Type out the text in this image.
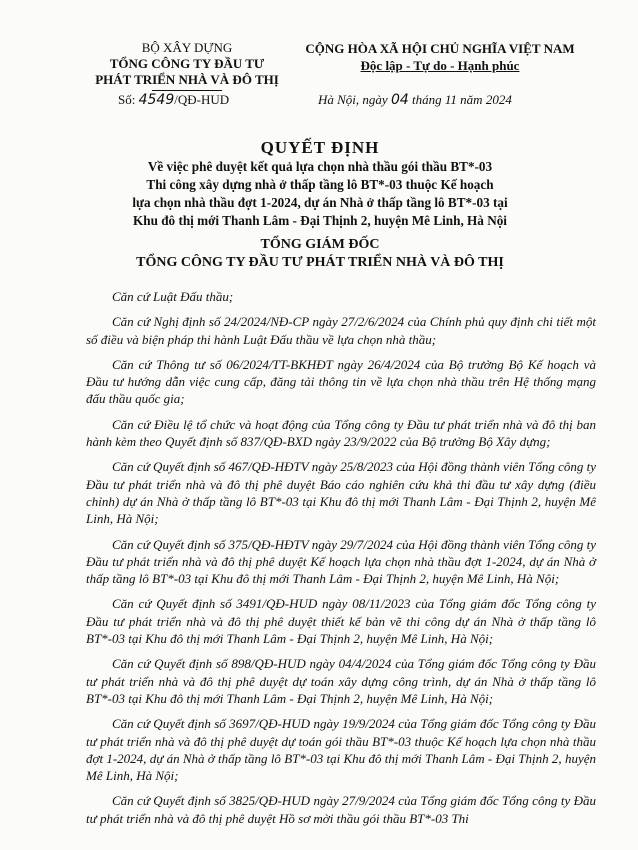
BỘ XÂY DỰNG
TỔNG CÔNG TY ĐẦU TƯ
PHÁT TRIỂN NHÀ VÀ ĐÔ THỊ
Số: 4549/QĐ-HUD
CỘNG HÒA XÃ HỘI CHỦ NGHĨA VIỆT NAM
Độc lập - Tự do - Hạnh phúc
Hà Nội, ngày 04 tháng 11 năm 2024
QUYẾT ĐỊNH
Về việc phê duyệt kết quả lựa chọn nhà thầu gói thầu BT*-03
Thi công xây dựng nhà ở thấp tầng lô BT*-03 thuộc Kế hoạch
lựa chọn nhà thầu đợt 1-2024, dự án Nhà ở thấp tầng lô BT*-03 tại
Khu đô thị mới Thanh Lâm - Đại Thịnh 2, huyện Mê Linh, Hà Nội
TỔNG GIÁM ĐỐC
TỔNG CÔNG TY ĐẦU TƯ PHÁT TRIỂN NHÀ VÀ ĐÔ THỊ

Căn cứ Luật Đấu thầu;

Căn cứ Nghị định số 24/2024/NĐ-CP ngày 27/2/6/2024 của Chính phủ quy định chi tiết một số điều và biện pháp thi hành Luật Đấu thầu về lựa chọn nhà thầu;

Căn cứ Thông tư số 06/2024/TT-BKHĐT ngày 26/4/2024 của Bộ trưởng Bộ Kế hoạch và Đầu tư hướng dẫn việc cung cấp, đăng tải thông tin về lựa chọn nhà thầu trên Hệ thống mạng đấu thầu quốc gia;

Căn cứ Điều lệ tổ chức và hoạt động của Tổng công ty Đầu tư phát triển nhà và đô thị ban hành kèm theo Quyết định số 837/QĐ-BXD ngày 23/9/2022 của Bộ trưởng Bộ Xây dựng;

Căn cứ Quyết định số 467/QĐ-HĐTV ngày 25/8/2023 của Hội đồng thành viên Tổng công ty Đầu tư phát triển nhà và đô thị phê duyệt Báo cáo nghiên cứu khả thi đầu tư xây dựng (điều chỉnh) dự án Nhà ở thấp tầng lô BT*-03 tại Khu đô thị mới Thanh Lâm - Đại Thịnh 2, huyện Mê Linh, Hà Nội;

Căn cứ Quyết định số 375/QĐ-HĐTV ngày 29/7/2024 của Hội đồng thành viên Tổng công ty Đầu tư phát triển nhà và đô thị phê duyệt Kế hoạch lựa chọn nhà thầu đợt 1-2024, dự án Nhà ở thấp tầng lô BT*-03 tại Khu đô thị mới Thanh Lâm - Đại Thịnh 2, huyện Mê Linh, Hà Nội;

Căn cứ Quyết định số 3491/QĐ-HUD ngày 08/11/2023 của Tổng giám đốc Tổng công ty Đầu tư phát triển nhà và đô thị phê duyệt thiết kế bản vẽ thi công dự án Nhà ở thấp tầng lô BT*-03 tại Khu đô thị mới Thanh Lâm - Đại Thịnh 2, huyện Mê Linh, Hà Nội;

Căn cứ Quyết định số 898/QĐ-HUD ngày 04/4/2024 của Tổng giám đốc Tổng công ty Đầu tư phát triển nhà và đô thị phê duyệt dự toán xây dựng công trình, dự án Nhà ở thấp tầng lô BT*-03 tại Khu đô thị mới Thanh Lâm - Đại Thịnh 2, huyện Mê Linh, Hà Nội;

Căn cứ Quyết định số 3697/QĐ-HUD ngày 19/9/2024 của Tổng giám đốc Tổng công ty Đầu tư phát triển nhà và đô thị phê duyệt dự toán gói thầu BT*-03 thuộc Kế hoạch lựa chọn nhà thầu đợt 1-2024, dự án Nhà ở thấp tầng lô BT*-03 tại Khu đô thị mới Thanh Lâm - Đại Thịnh 2, huyện Mê Linh, Hà Nội;

Căn cứ Quyết định số 3825/QĐ-HUD ngày 27/9/2024 của Tổng giám đốc Tổng công ty Đầu tư phát triển nhà và đô thị phê duyệt Hồ sơ mời thầu gói thầu BT*-03 Thi
